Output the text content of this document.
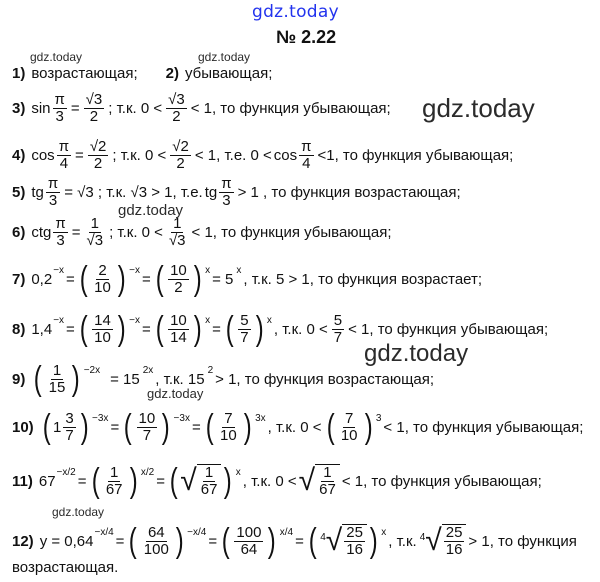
gdz.today
№ 2.22
gdz.today	gdz.today
gdz.today
gdz.today
gdz.today
gdz.today
gdz.today
1) возрастающая; 2) убывающая;
3) $\sin \frac{\pi}{3} = \frac{√3}{2}$ ; т.к. $0 < \frac{√3}{2} < 1$, то функция убывающая;
4) $\cos \frac{\pi}{4} = \frac{√2}{2}$ ; т.к. $0 < \frac{√2}{2} < 1$, т.е. $0 < \cos \frac{\pi}{4} <1$, то функция убывающая;
5) tg $\frac{\pi}{3} = √3$ ; т.к. √3 > 1, т.е. tg $\frac{\pi}{3} > 1$ , то функция возрастающая;
6) ctg $\frac{\pi}{3} = \frac{1}{√3}$ ; т.к. $0 < \frac{1}{√3} < 1$, то функция убывающая;
7) 0,2
−x
= ( $\frac{2}{10}$ ) −x
= ( $\frac{10}{2}$ ) x
= 5
x
, т.к. 5 > 1, то функция возрастает;
8) 1,4
−x
= ( $\frac{14}{10}$ ) −x
= ( $\frac{10}{14}$ ) x
= ( $\frac{5}{7}$ ) x
, т.к. $0 < \frac{5}{7} < 1$, то функция убывающая;
9) ( $\frac{1}{15}$ ) −2x
= 15
2x
, т.к. 15
2
> 1, то функция возрастающая;
10) ( $1 \frac{3}{7}$ ) −3x
= ( $\frac{10}{7}$ ) −3x
= ( $\frac{7}{10}$ ) 3x
, т.к. 0 < ( $\frac{7}{10}$ ) 3
< 1, то функция убывающая;
11) 67
−x/2
= ( $\frac{1}{67}$ ) x/2
= ( √ $\frac{1}{67}$ ) x
, т.к. 0 < √ $\frac{1}{67} < 1$, то функция убывающая;
12) y = 0,64
−x/4
= ( $\frac{64}{100}$ ) −x/4
= ( $\frac{100}{64}$ ) x/4
= ( 4 √ $\frac{25}{16}$ ) x
, т.к. 4 √ $\frac{25}{16} > 1$, то функция
возрастающая.
